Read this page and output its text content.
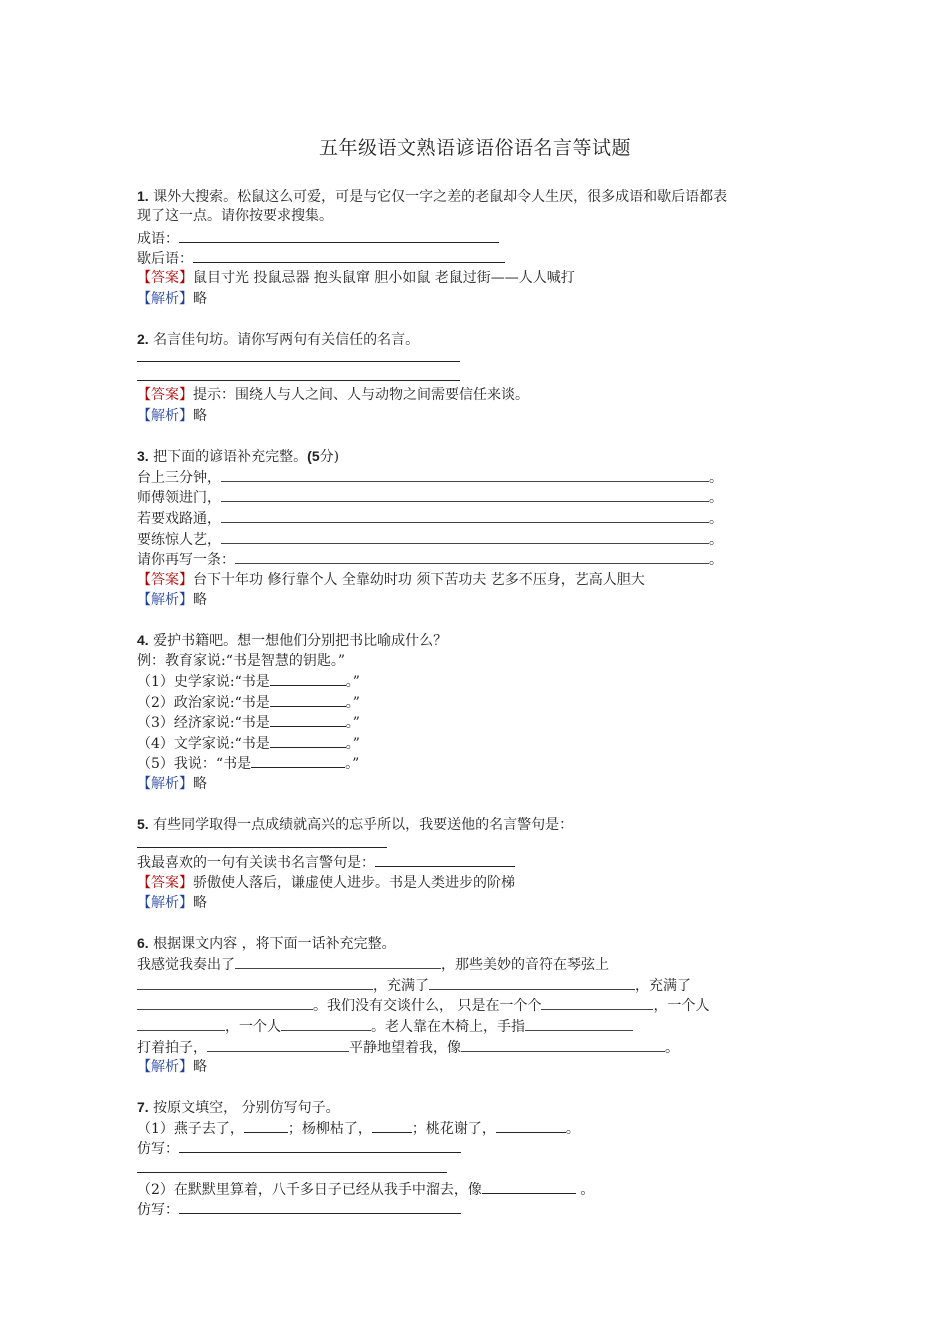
五年级语文熟语谚语俗语名言等试题
1. 课外大搜索。松鼠这么可爱，可是与它仅一字之差的老鼠却令人生厌，很多成语和歇后语都表
现了这一点。请你按要求搜集。
成语：
歇后语：
【答案】鼠目寸光 投鼠忌器 抱头鼠窜 胆小如鼠 老鼠过街——人人喊打
【解析】略
2. 名言佳句坊。请你写两句有关信任的名言。
【答案】提示：围绕人与人之间、人与动物之间需要信任来谈。
【解析】略
3. 把下面的谚语补充完整。(5分)
台上三分钟，	。
师傅领进门，	。
若要戏路通，	。
要练惊人艺，	。
请你再写一条：	。
【答案】台下十年功 修行靠个人 全靠幼时功 须下苦功夫 艺多不压身，艺高人胆大
【解析】略
4. 爱护书籍吧。想一想他们分别把书比喻成什么？
例：教育家说:“书是智慧的钥匙。”
（1）史学家说:“书是	。”
（2）政治家说:“书是	。”
（3）经济家说:“书是	。”
（4）文学家说:“书是	。”
（5）我说：“书是	。”
【解析】略
5. 有些同学取得一点成绩就高兴的忘乎所以，我要送他的名言警句是：
我最喜欢的一句有关读书名言警句是：
【答案】骄傲使人落后，谦虚使人进步。书是人类进步的阶梯
【解析】略
6. 根据课文内容 ，将下面一话补充完整。
我感觉我奏出了	，那些美妙的音符在琴弦上
，充满了	，充满了
。我们没有交谈什么， 只是在一个个	，一个人
，一个人	。老人靠在木椅上，手指
打着拍子，	平静地望着我，像	。
【解析】略
7. 按原文填空， 分别仿写句子。
（1）燕子去了，	；杨柳枯了，	；桃花谢了，	。
仿写：
（2）在默默里算着，八千多日子已经从我手中溜去，像	。
仿写：
